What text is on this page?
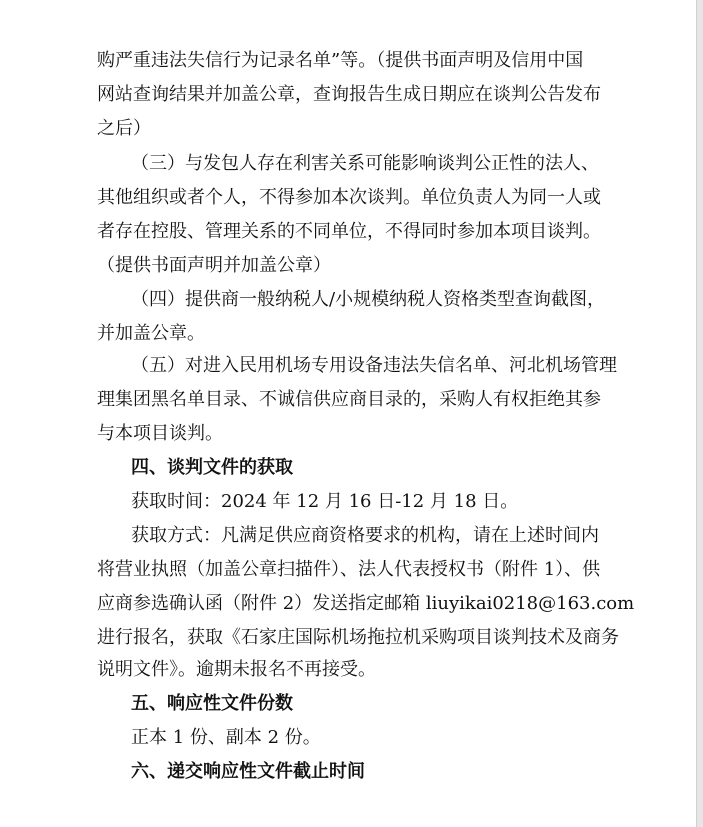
购严重违法失信行为记录名单”等。（提供书面声明及信用中国

网站查询结果并加盖公章，查询报告生成日期应在谈判公告发布

之后）

（三）与发包人存在利害关系可能影响谈判公正性的法人、

其他组织或者个人，不得参加本次谈判。单位负责人为同一人或

者存在控股、管理关系的不同单位，不得同时参加本项目谈判。

（提供书面声明并加盖公章）

（四）提供商一般纳税人/小规模纳税人资格类型查询截图，

并加盖公章。

（五）对进入民用机场专用设备违法失信名单、河北机场管理

理集团黑名单目录、不诚信供应商目录的，采购人有权拒绝其参

与本项目谈判。

四、谈判文件的获取

获取时间：2024 年 12 月 16 日-12 月 18 日。

获取方式：凡满足供应商资格要求的机构，请在上述时间内

将营业执照（加盖公章扫描件）、法人代表授权书（附件 1）、供

应商参选确认函（附件 2）发送指定邮箱 liuyikai0218@163.com

进行报名，获取《石家庄国际机场拖拉机采购项目谈判技术及商务

说明文件》。逾期未报名不再接受。

五、响应性文件份数

正本 1 份、副本 2 份。

六、递交响应性文件截止时间
